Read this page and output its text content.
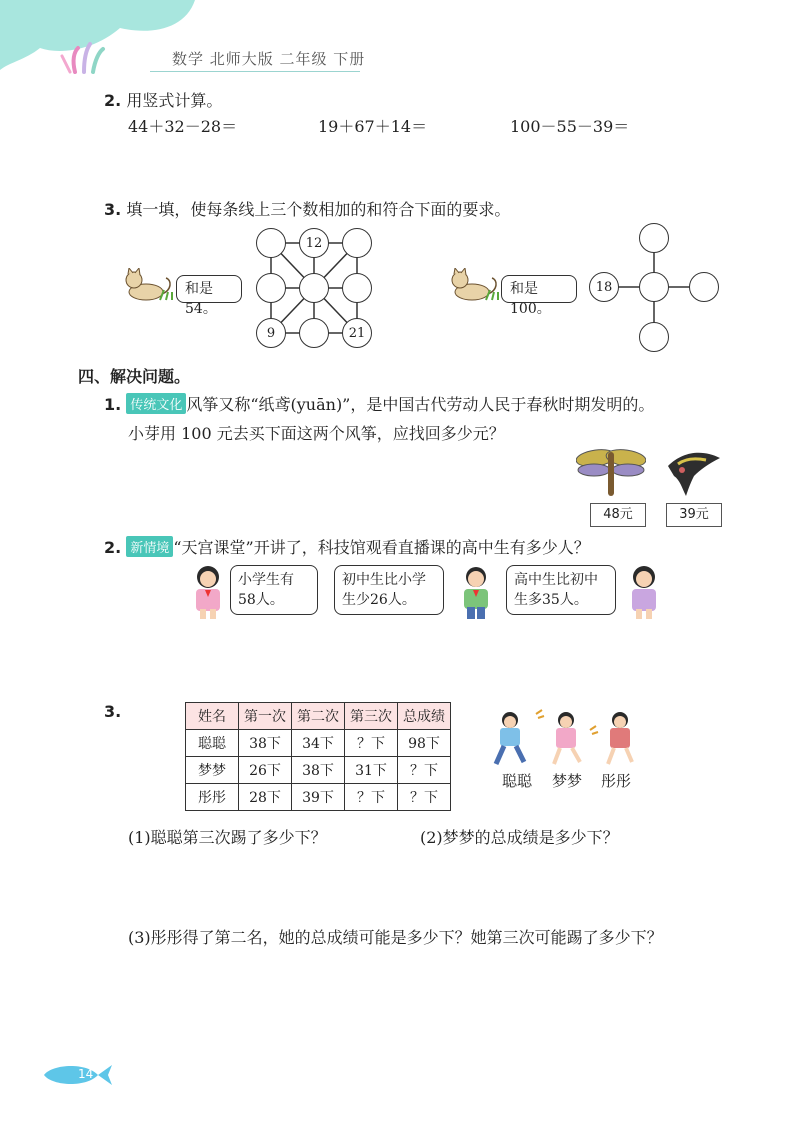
数学 北师大版 二年级 下册
2. 用竖式计算。
44＋32－28＝	19＋67＋14＝	100－55－39＝
3. 填一填，使每条线上三个数相加的和符合下面的要求。
12
9	21
和是54。
和是100。
18
四、解决问题。
1. 传统文化 风筝又称“纸鸢(yuān)”，是中国古代劳动人民于春秋时期发明的。
小芽用 100 元去买下面这两个风筝，应找回多少元？
48元	39元
2. 新情境 “天宫课堂”开讲了，科技馆观看直播课的高中生有多少人？
小学生有
58人。
初中生比小学
生少26人。
高中生比初中
生多35人。
3.	姓名	第一次	第二次	第三次	总成绩
聪聪	38下	34下	？下	98下
梦梦	26下	38下	31下	？下
彤彤	28下	39下	？下	？下
聪聪 梦梦 彤彤
(1)聪聪第三次踢了多少下？	(2)梦梦的总成绩是多少下？
(3)彤彤得了第二名，她的总成绩可能是多少下？她第三次可能踢了多少下？
14
